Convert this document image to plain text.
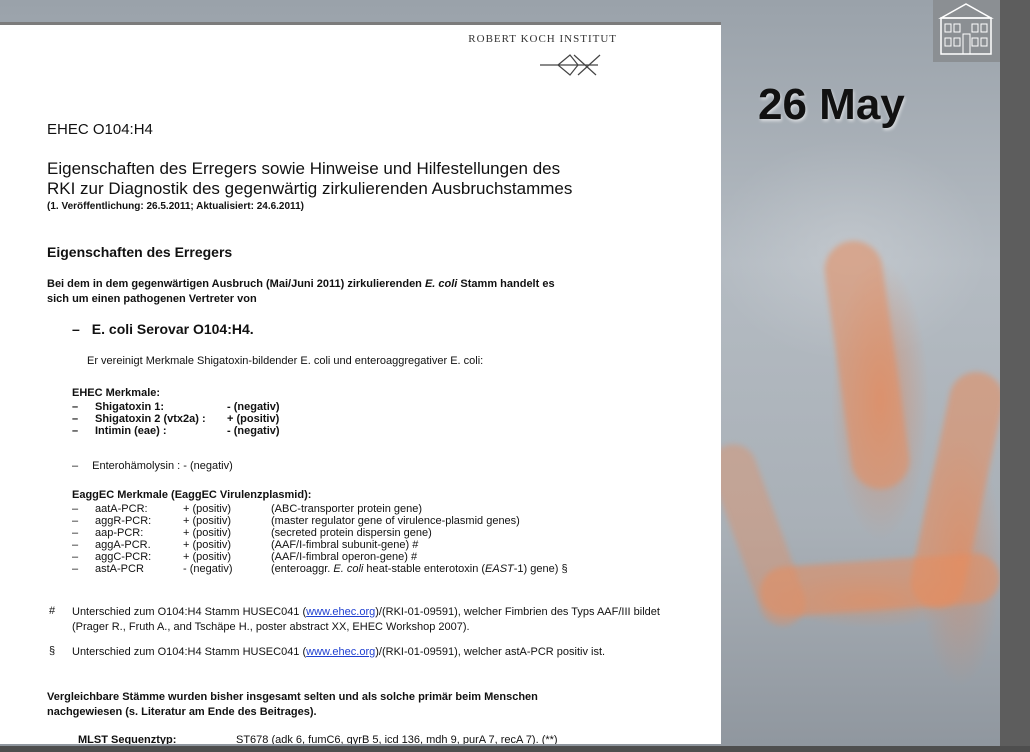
26 May
ROBERT KOCH INSTITUT
EHEC O104:H4
Eigenschaften des Erregers sowie Hinweise und Hilfestellungen des
RKI zur Diagnostik des gegenwärtig zirkulierenden Ausbruchstammes
(1. Veröffentlichung: 26.5.2011; Aktualisiert: 24.6.2011)
Eigenschaften des Erregers
Bei dem in dem gegenwärtigen Ausbruch (Mai/Juni 2011) zirkulierenden E. coli Stamm handelt es
sich um einen pathogenen Vertreter von
– E. coli Serovar O104:H4.
Er vereinigt Merkmale Shigatoxin-bildender E. coli und enteroaggregativer E. coli:
EHEC Merkmale:
– Shigatoxin 1:	- (negativ)
– Shigatoxin 2 (vtx2a) : + (positiv)
– Intimin (eae) :	- (negativ)
– Enterohämolysin : - (negativ)
EaggEC Merkmale (EaggEC Virulenzplasmid):
– aatA-PCR:	+ (positiv)	(ABC-transporter protein gene)
– aggR-PCR:	+ (positiv)	(master regulator gene of virulence-plasmid genes)
– aap-PCR:	+ (positiv)	(secreted protein dispersin gene)
– aggA-PCR.	+ (positiv)	(AAF/I-fimbral subunit-gene) #
– aggC-PCR:	+ (positiv)	(AAF/I-fimbral operon-gene) #
– astA-PCR	- (negativ)	(enteroaggr. E. coli heat-stable enterotoxin (EAST-1) gene) §
# Unterschied zum O104:H4 Stamm HUSEC041 (www.ehec.org)/(RKI-01-09591), welcher Fimbrien des Typs AAF/III bildet (Prager R., Fruth A., and Tschäpe H., poster abstract XX, EHEC Workshop 2007).
§ Unterschied zum O104:H4 Stamm HUSEC041 (www.ehec.org)/(RKI-01-09591), welcher astA-PCR positiv ist.
Vergleichbare Stämme wurden bisher insgesamt selten und als solche primär beim Menschen
nachgewiesen (s. Literatur am Ende des Beitrages).
MLST Sequenztyp:	ST678 (adk 6, fumC6, gyrB 5, icd 136, mdh 9, purA 7, recA 7). (**)
